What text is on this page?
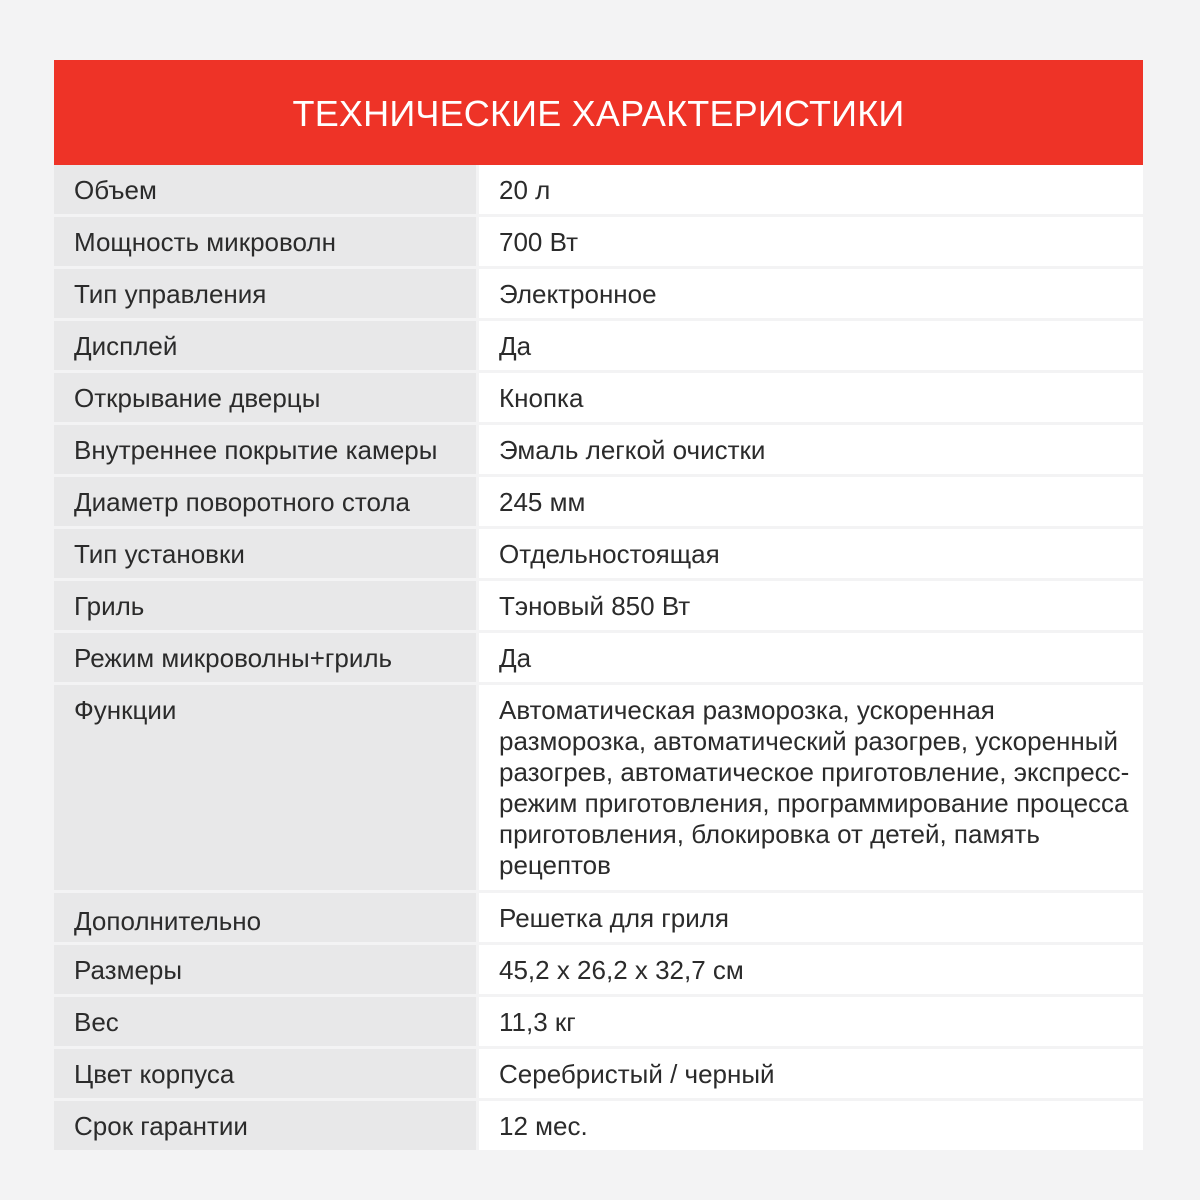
ТЕХНИЧЕСКИЕ ХАРАКТЕРИСТИКИ
Объем	20 л
Мощность микроволн	700 Вт
Тип управления	Электронное
Дисплей	Да
Открывание дверцы	Кнопка
Внутреннее покрытие камеры	Эмаль легкой очистки
Диаметр поворотного стола	245 мм
Тип установки	Отдельностоящая
Гриль	Тэновый 850 Вт
Режим микроволны+гриль	Да
Функции	Автоматическая разморозка, ускоренная разморозка, автоматический разогрев, ускоренный разогрев, автоматическое приготовление, экспресс-режим приготовления, программирование процесса приготовления, блокировка от детей, память рецептов
Дополнительно	Решетка для гриля
Размеры	45,2 х 26,2 х 32,7 см
Вес	11,3 кг
Цвет корпуса	Серебристый / черный
Срок гарантии	12 мес.
